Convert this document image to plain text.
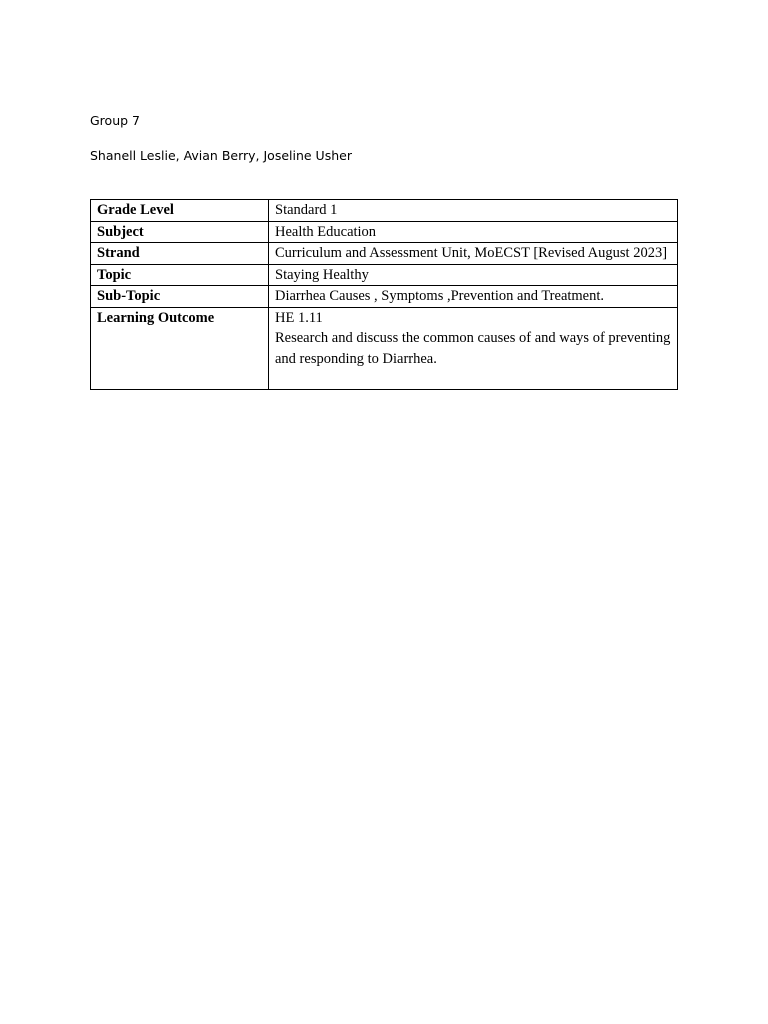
Group 7
Shanell Leslie, Avian Berry, Joseline Usher
Grade Level	Standard 1
Subject	Health Education
Strand	Curriculum and Assessment Unit, MoECST [Revised August 2023]
Topic	Staying Healthy
Sub-Topic	Diarrhea Causes , Symptoms ,Prevention and Treatment.
Learning Outcome	HE 1.11
Research and discuss the common causes of and ways of preventing and responding to Diarrhea.
